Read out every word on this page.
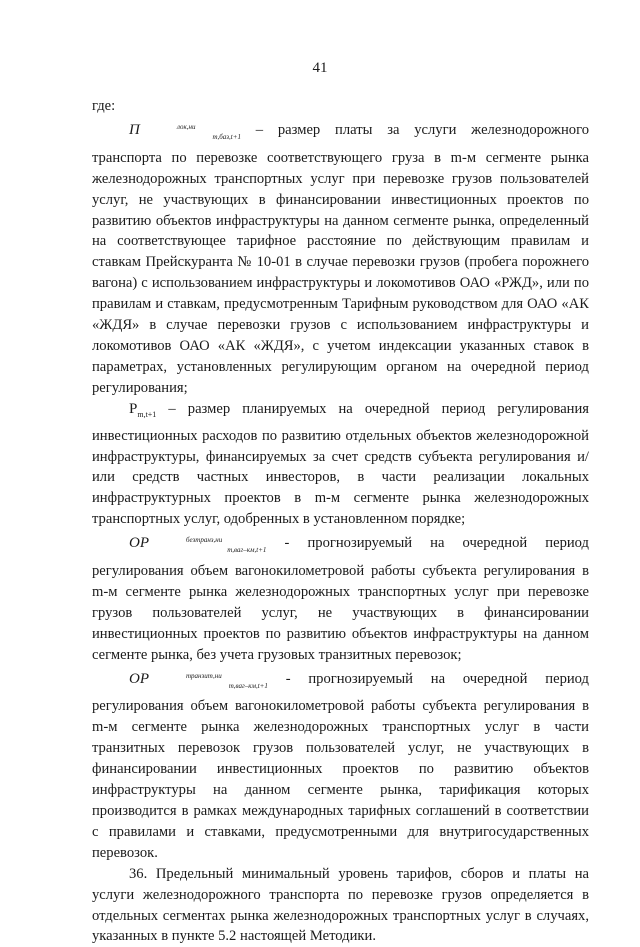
41
где:

П	лок,ниm,баз,t+1 – размер платы за услуги железнодорожного транспорта по перевозке соответствующего груза в m-м сегменте рынка железнодорожных транспортных услуг при перевозке грузов пользователей услуг, не участвующих в финансировании инвестиционных проектов по развитию объектов инфраструктуры на данном сегменте рынка, определенный на соответствующее тарифное расстояние по действующим правилам и ставкам Прейскуранта № 10-01 в случае перевозки грузов (пробега порожнего вагона) с использованием инфраструктуры и локомотивов ОАО «РЖД», или по правилам и ставкам, предусмотренным Тарифным руководством для ОАО «АК «ЖДЯ» в случае перевозки грузов с использованием инфраструктуры и локомотивов ОАО «АК «ЖДЯ», с учетом индексации указанных ставок в параметрах, установленных регулирующим органом на очередной период регулирования;

$P_{m,t+1}$ – размер планируемых на очередной период регулирования инвестиционных расходов по развитию отдельных объектов железнодорожной инфраструктуры, финансируемых за счет средств субъекта регулирования и/или средств частных инвесторов, в части реализации локальных инфраструктурных проектов в m-м сегменте рынка железнодорожных транспортных услуг, одобренных в установленном порядке;

OP	безтранз,ниm,ваг–км,t+1 - прогнозируемый на очередной период регулирования объем вагонокилометровой работы субъекта регулирования в m-м сегменте рынка железнодорожных транспортных услуг при перевозке грузов пользователей услуг, не участвующих в финансировании инвестиционных проектов по развитию объектов инфраструктуры на данном сегменте рынка, без учета грузовых транзитных перевозок;

OP	транзит,ниm,ваг–км,t+1 - прогнозируемый на очередной период регулирования объем вагонокилометровой работы субъекта регулирования в m-м сегменте рынка железнодорожных транспортных услуг в части транзитных перевозок грузов пользователей услуг, не участвующих в финансировании инвестиционных проектов по развитию объектов инфраструктуры на данном сегменте рынка, тарификация которых производится в рамках международных тарифных соглашений в соответствии с правилами и ставками, предусмотренными для внутригосударственных перевозок.

36. Предельный минимальный уровень тарифов, сборов и платы на услуги железнодорожного транспорта по перевозке грузов определяется в отдельных сегментах рынка железнодорожных транспортных услуг в случаях, указанных в пункте 5.2 настоящей Методики.
